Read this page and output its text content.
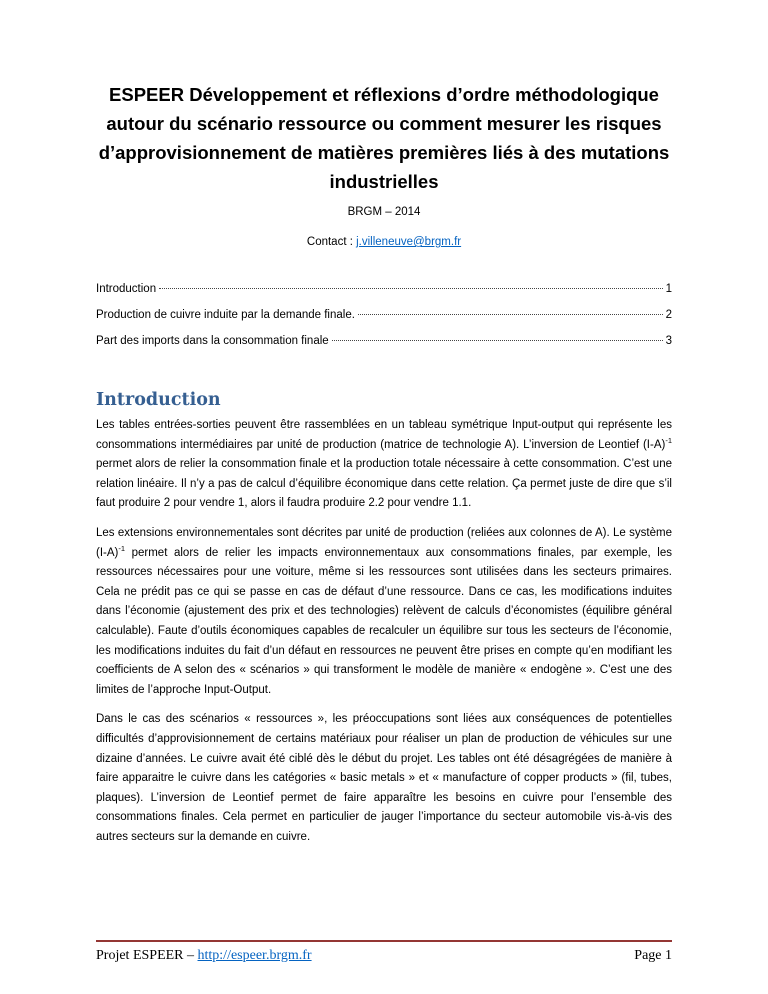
ESPEER Développement et réflexions d’ordre méthodologique autour du scénario ressource ou comment mesurer les risques d’approvisionnement de matières premières liés à des mutations industrielles
BRGM – 2014
Contact : j.villeneuve@brgm.fr
Introduction	1
Production de cuivre induite par la demande finale.	2
Part des imports dans la consommation finale	3
Introduction

Les tables entrées-sorties peuvent être rassemblées en un tableau symétrique Input-output qui représente les consommations intermédiaires par unité de production (matrice de technologie A). L’inversion de Leontief $(I-A)^{-1}$ permet alors de relier la consommation finale et la production totale nécessaire à cette consommation. C’est une relation linéaire. Il n’y a pas de calcul d’équilibre économique dans cette relation. Ça permet juste de dire que s’il faut produire 2 pour vendre 1, alors il faudra produire 2.2 pour vendre 1.1.

Les extensions environnementales sont décrites par unité de production (reliées aux colonnes de A). Le système $(I-A)^{-1}$ permet alors de relier les impacts environnementaux aux consommations finales, par exemple, les ressources nécessaires pour une voiture, même si les ressources sont utilisées dans les secteurs primaires. Cela ne prédit pas ce qui se passe en cas de défaut d’une ressource. Dans ce cas, les modifications induites dans l’économie (ajustement des prix et des technologies) relèvent de calculs d’économistes (équilibre général calculable). Faute d’outils économiques capables de recalculer un équilibre sur tous les secteurs de l’économie, les modifications induites du fait d’un défaut en ressources ne peuvent être prises en compte qu’en modifiant les coefficients de A selon des « scénarios » qui transforment le modèle de manière « endogène ». C’est une des limites de l’approche Input-Output.

Dans le cas des scénarios « ressources », les préoccupations sont liées aux conséquences de potentielles difficultés d’approvisionnement de certains matériaux pour réaliser un plan de production de véhicules sur une dizaine d’années. Le cuivre avait été ciblé dès le début du projet. Les tables ont été désagrégées de manière à faire apparaitre le cuivre dans les catégories « basic metals » et « manufacture of copper products » (fil, tubes, plaques). L’inversion de Leontief permet de faire apparaître les besoins en cuivre pour l’ensemble des consommations finales. Cela permet en particulier de jauger l’importance du secteur automobile vis-à-vis des autres secteurs sur la demande en cuivre.

Projet ESPEER – http://espeer.brgm.fr	Page 1
